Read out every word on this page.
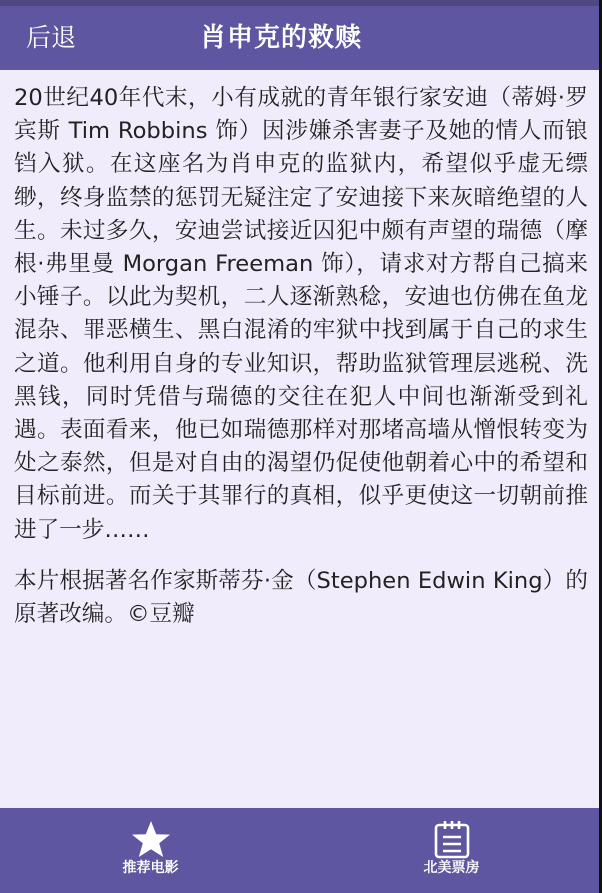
后退	肖申克的救赎

20世纪40年代末，小有成就的青年银行家安迪（蒂姆·罗宾斯 Tim Robbins 饰）因涉嫌杀害妻子及她的情人而锒铛入狱。在这座名为肖申克的监狱内，希望似乎虚无缥缈，终身监禁的惩罚无疑注定了安迪接下来灰暗绝望的人生。未过多久，安迪尝试接近囚犯中颇有声望的瑞德（摩根·弗里曼 Morgan Freeman 饰），请求对方帮自己搞来小锤子。以此为契机，二人逐渐熟稔，安迪也仿佛在鱼龙混杂、罪恶横生、黑白混淆的牢狱中找到属于自己的求生之道。他利用自身的专业知识，帮助监狱管理层逃税、洗黑钱，同时凭借与瑞德的交往在犯人中间也渐渐受到礼遇。表面看来，他已如瑞德那样对那堵高墙从憎恨转变为处之泰然，但是对自由的渴望仍促使他朝着心中的希望和目标前进。而关于其罪行的真相，似乎更使这一切朝前推进了一步……

本片根据著名作家斯蒂芬·金（Stephen Edwin King）的原著改编。©豆瓣

推荐电影	北美票房
